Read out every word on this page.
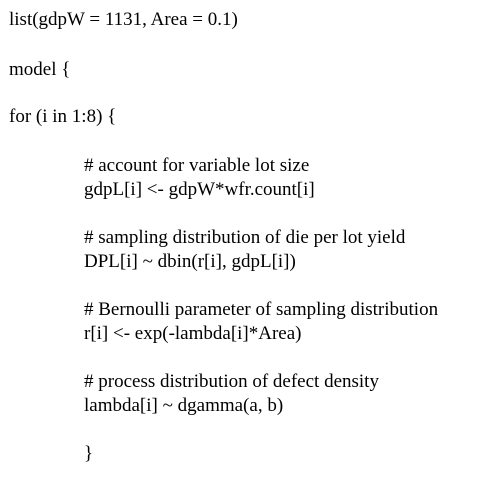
list(gdpW = 1131, Area = 0.1)
model {
for (i in 1:8) {
# account for variable lot size
gdpL[i] <- gdpW*wfr.count[i]
# sampling distribution of die per lot yield
DPL[i] ~ dbin(r[i], gdpL[i])
# Bernoulli parameter of sampling distribution
r[i] <- exp(-lambda[i]*Area)
# process distribution of defect density
lambda[i] ~ dgamma(a, b)
}
